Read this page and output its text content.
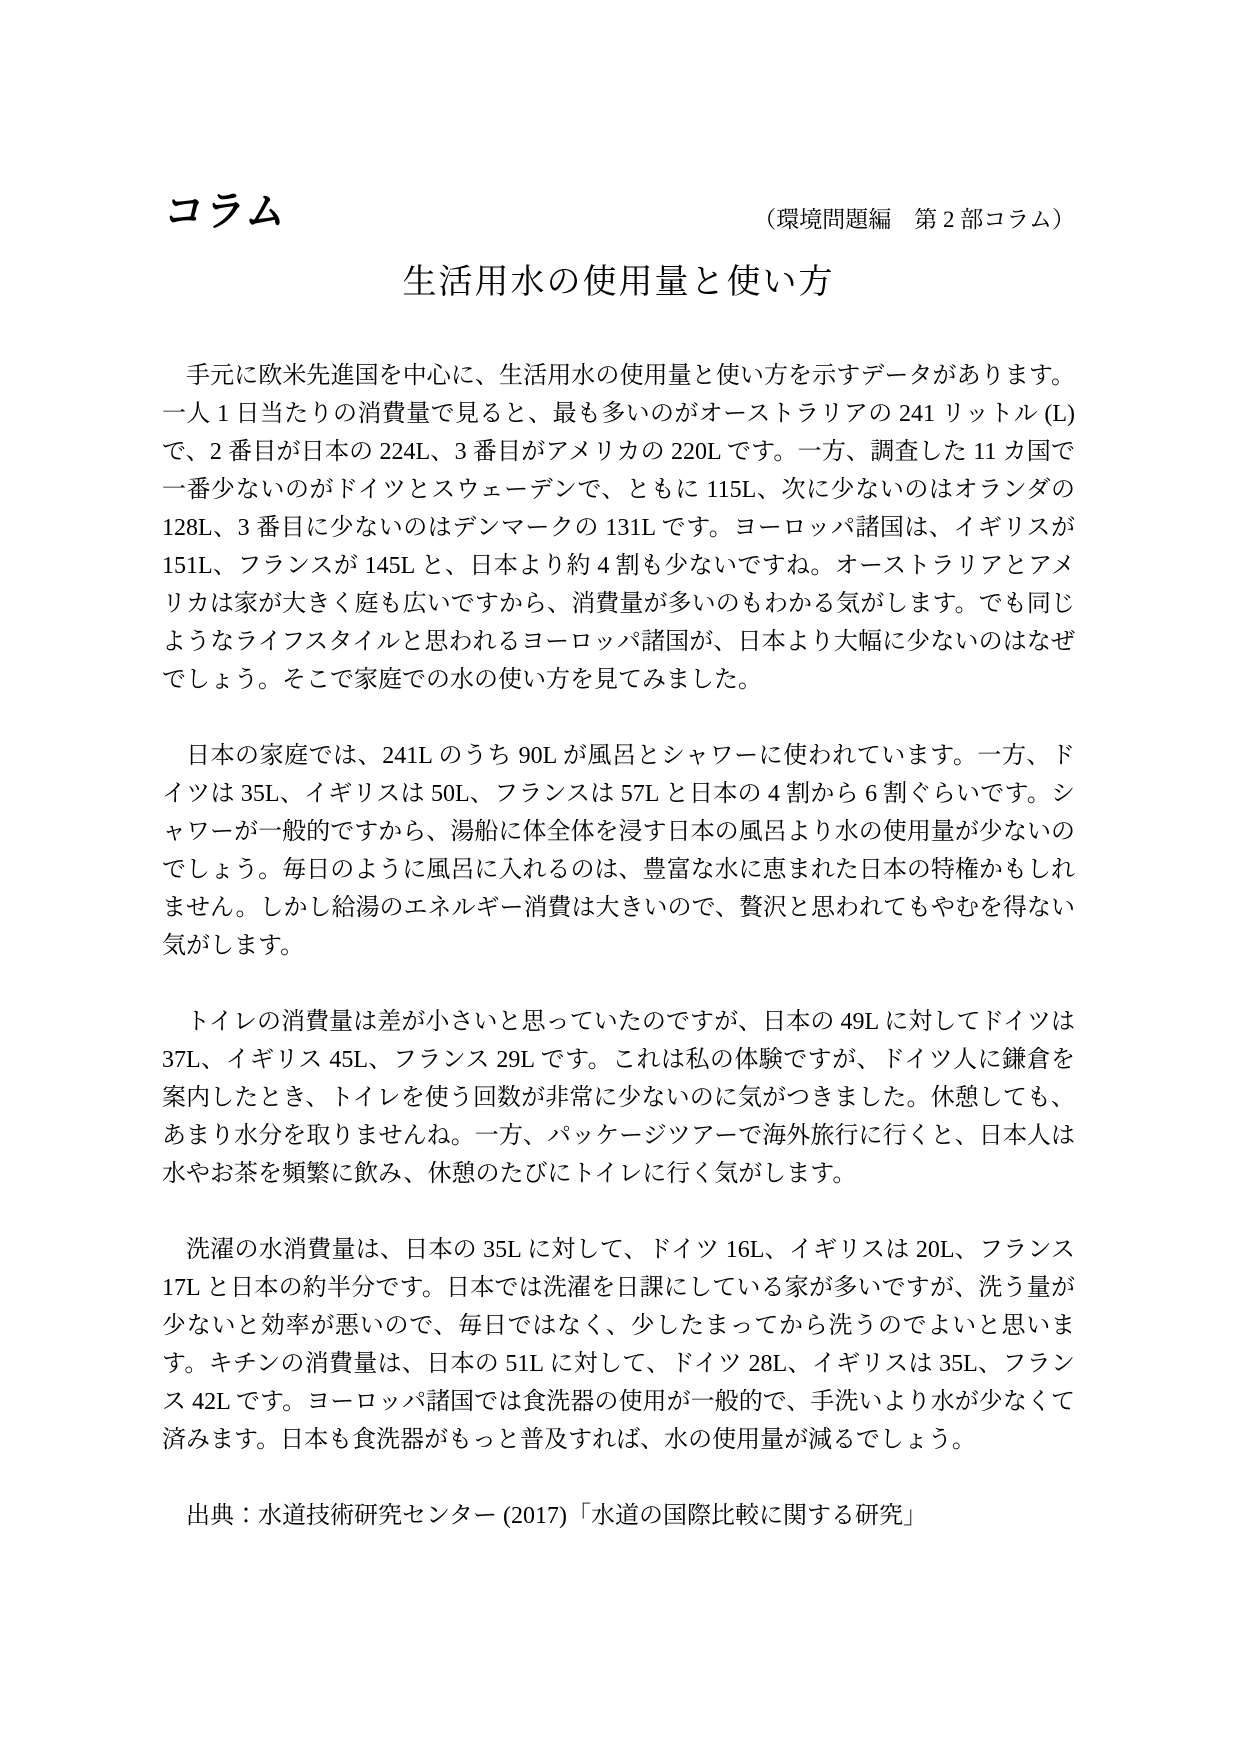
コラム	（環境問題編　第 2 部コラム）
生活用水の使用量と使い方

手元に欧米先進国を中心に、生活用水の使用量と使い方を示すデータがあります。一人 1 日当たりの消費量で見ると、最も多いのがオーストラリアの 241 リットル (L) で、2 番目が日本の 224L、3 番目がアメリカの 220L です。一方、調査した 11 カ国で一番少ないのがドイツとスウェーデンで、ともに 115L、次に少ないのはオランダの 128L、3 番目に少ないのはデンマークの 131L です。ヨーロッパ諸国は、イギリスが 151L、フランスが 145L と、日本より約 4 割も少ないですね。オーストラリアとアメリカは家が大きく庭も広いですから、消費量が多いのもわかる気がします。でも同じようなライフスタイルと思われるヨーロッパ諸国が、日本より大幅に少ないのはなぜでしょう。そこで家庭での水の使い方を見てみました。

日本の家庭では、241L のうち 90L が風呂とシャワーに使われています。一方、ドイツは 35L、イギリスは 50L、フランスは 57L と日本の 4 割から 6 割ぐらいです。シャワーが一般的ですから、湯船に体全体を浸す日本の風呂より水の使用量が少ないのでしょう。毎日のように風呂に入れるのは、豊富な水に恵まれた日本の特権かもしれません。しかし給湯のエネルギー消費は大きいので、贅沢と思われてもやむを得ない気がします。

トイレの消費量は差が小さいと思っていたのですが、日本の 49L に対してドイツは 37L、イギリス 45L、フランス 29L です。これは私の体験ですが、ドイツ人に鎌倉を案内したとき、トイレを使う回数が非常に少ないのに気がつきました。休憩しても、あまり水分を取りませんね。一方、パッケージツアーで海外旅行に行くと、日本人は水やお茶を頻繁に飲み、休憩のたびにトイレに行く気がします。

洗濯の水消費量は、日本の 35L に対して、ドイツ 16L、イギリスは 20L、フランス 17L と日本の約半分です。日本では洗濯を日課にしている家が多いですが、洗う量が少ないと効率が悪いので、毎日ではなく、少したまってから洗うのでよいと思います。キチンの消費量は、日本の 51L に対して、ドイツ 28L、イギリスは 35L、フランス 42L です。ヨーロッパ諸国では食洗器の使用が一般的で、手洗いより水が少なくて済みます。日本も食洗器がもっと普及すれば、水の使用量が減るでしょう。

出典：水道技術研究センター (2017)「水道の国際比較に関する研究」
